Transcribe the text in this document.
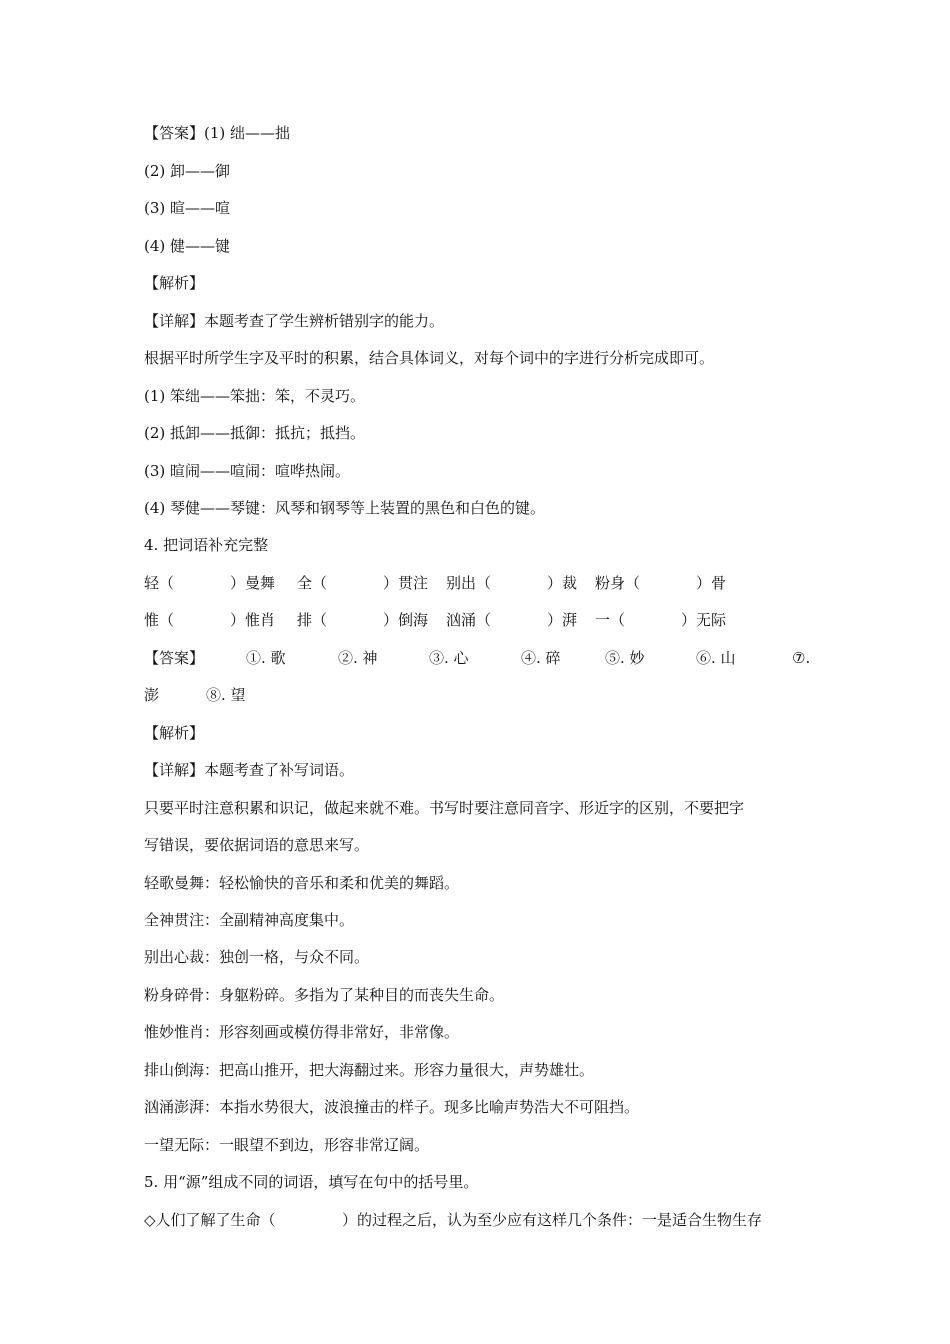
【答案】(1) 绌——拙
(2) 卸——御
(3) 暄——喧
(4) 健——键
【解析】
【详解】本题考查了学生辨析错别字的能力。
根据平时所学生字及平时的积累，结合具体词义，对每个词中的字进行分析完成即可。
(1) 笨绌——笨拙：笨，不灵巧。
(2) 抵卸——抵御：抵抗；抵挡。
(3) 暄闹——喧闹：喧哗热闹。
(4) 琴健——琴键：风琴和钢琴等上装置的黑色和白色的键。
4. 把词语补充完整
轻（	）曼舞 全（	）贯注 别出（	）裁 粉身（	）骨
惟（	）惟肖 排（	）倒海 汹涌（	）湃 一（	）无际
【答案】	①. 歌	②. 神	③. 心	④. 碎	⑤. 妙	⑥. 山	⑦.
澎	⑧. 望
【解析】
【详解】本题考查了补写词语。
只要平时注意积累和识记，做起来就不难。书写时要注意同音字、形近字的区别，不要把字
写错误，要依据词语的意思来写。
轻歌曼舞：轻松愉快的音乐和柔和优美的舞蹈。
全神贯注：全副精神高度集中。
别出心裁：独创一格，与众不同。
粉身碎骨：身躯粉碎。多指为了某种目的而丧失生命。
惟妙惟肖：形容刻画或模仿得非常好，非常像。
排山倒海：把高山推开，把大海翻过来。形容力量很大，声势雄壮。
汹涌澎湃：本指水势很大，波浪撞击的样子。现多比喻声势浩大不可阻挡。
一望无际：一眼望不到边，形容非常辽阔。
5. 用“源”组成不同的词语，填写在句中的括号里。
◇人们了解了生命（	）的过程之后，认为至少应有这样几个条件：一是适合生物生存
